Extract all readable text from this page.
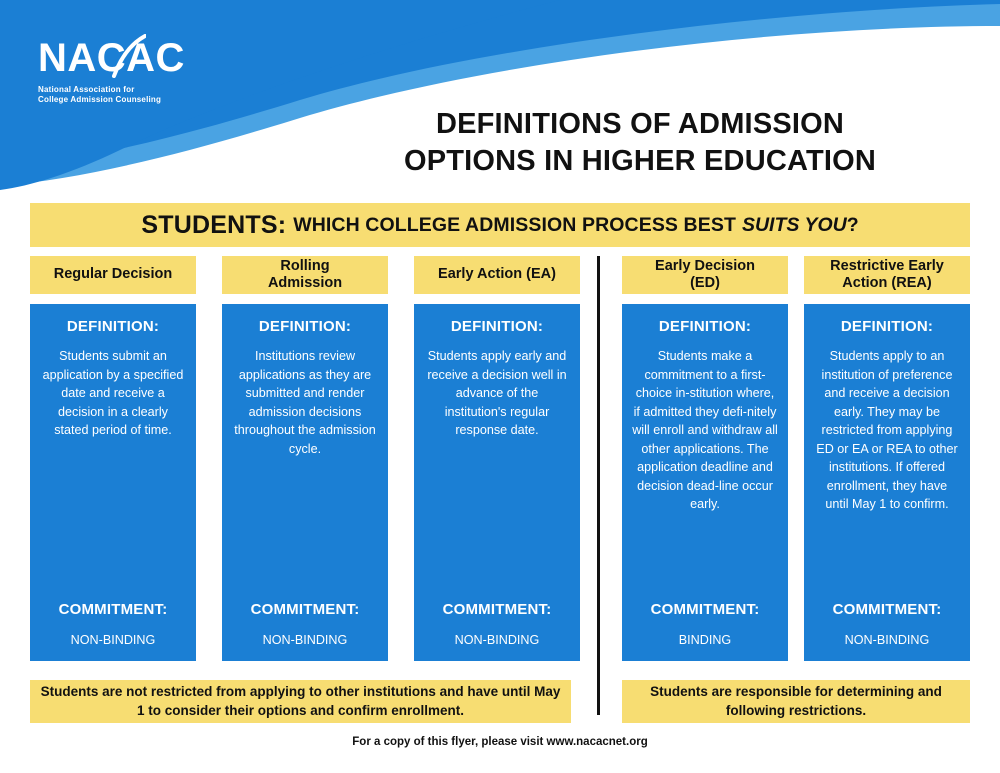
NACAC
National Association for
College Admission Counseling
DEFINITIONS OF ADMISSION
OPTIONS IN HIGHER EDUCATION
STUDENTS: WHICH COLLEGE ADMISSION PROCESS BEST SUITS YOU ?
Regular Decision
DEFINITION:
Students submit an application by a specified date and receive a decision in a clearly stated period of time.
COMMITMENT:
NON-BINDING
Rolling
Admission
DEFINITION:
Institutions review applications as they are submitted and render admission decisions throughout the admission cycle.
COMMITMENT:
NON-BINDING
Early Action (EA)
DEFINITION:
Students apply early and receive a decision well in advance of the institution's regular response date.
COMMITMENT:
NON-BINDING
Early Decision
(ED)
DEFINITION:
Students make a commitment to a first-choice in-stitution where, if admitted they defi-nitely will enroll and withdraw all other applications. The application deadline and decision dead-line occur early.
COMMITMENT:
BINDING
Restrictive Early
Action (REA)
DEFINITION:
Students apply to an institution of preference and receive a decision early. They may be restricted from applying ED or EA or REA to other institutions. If offered enrollment, they have until May 1 to confirm.
COMMITMENT:
NON-BINDING
Students are not restricted from applying to other institutions and have until May 1 to consider their options and confirm enrollment.
Students are responsible for determining and following restrictions.
For a copy of this flyer, please visit www.nacacnet.org
